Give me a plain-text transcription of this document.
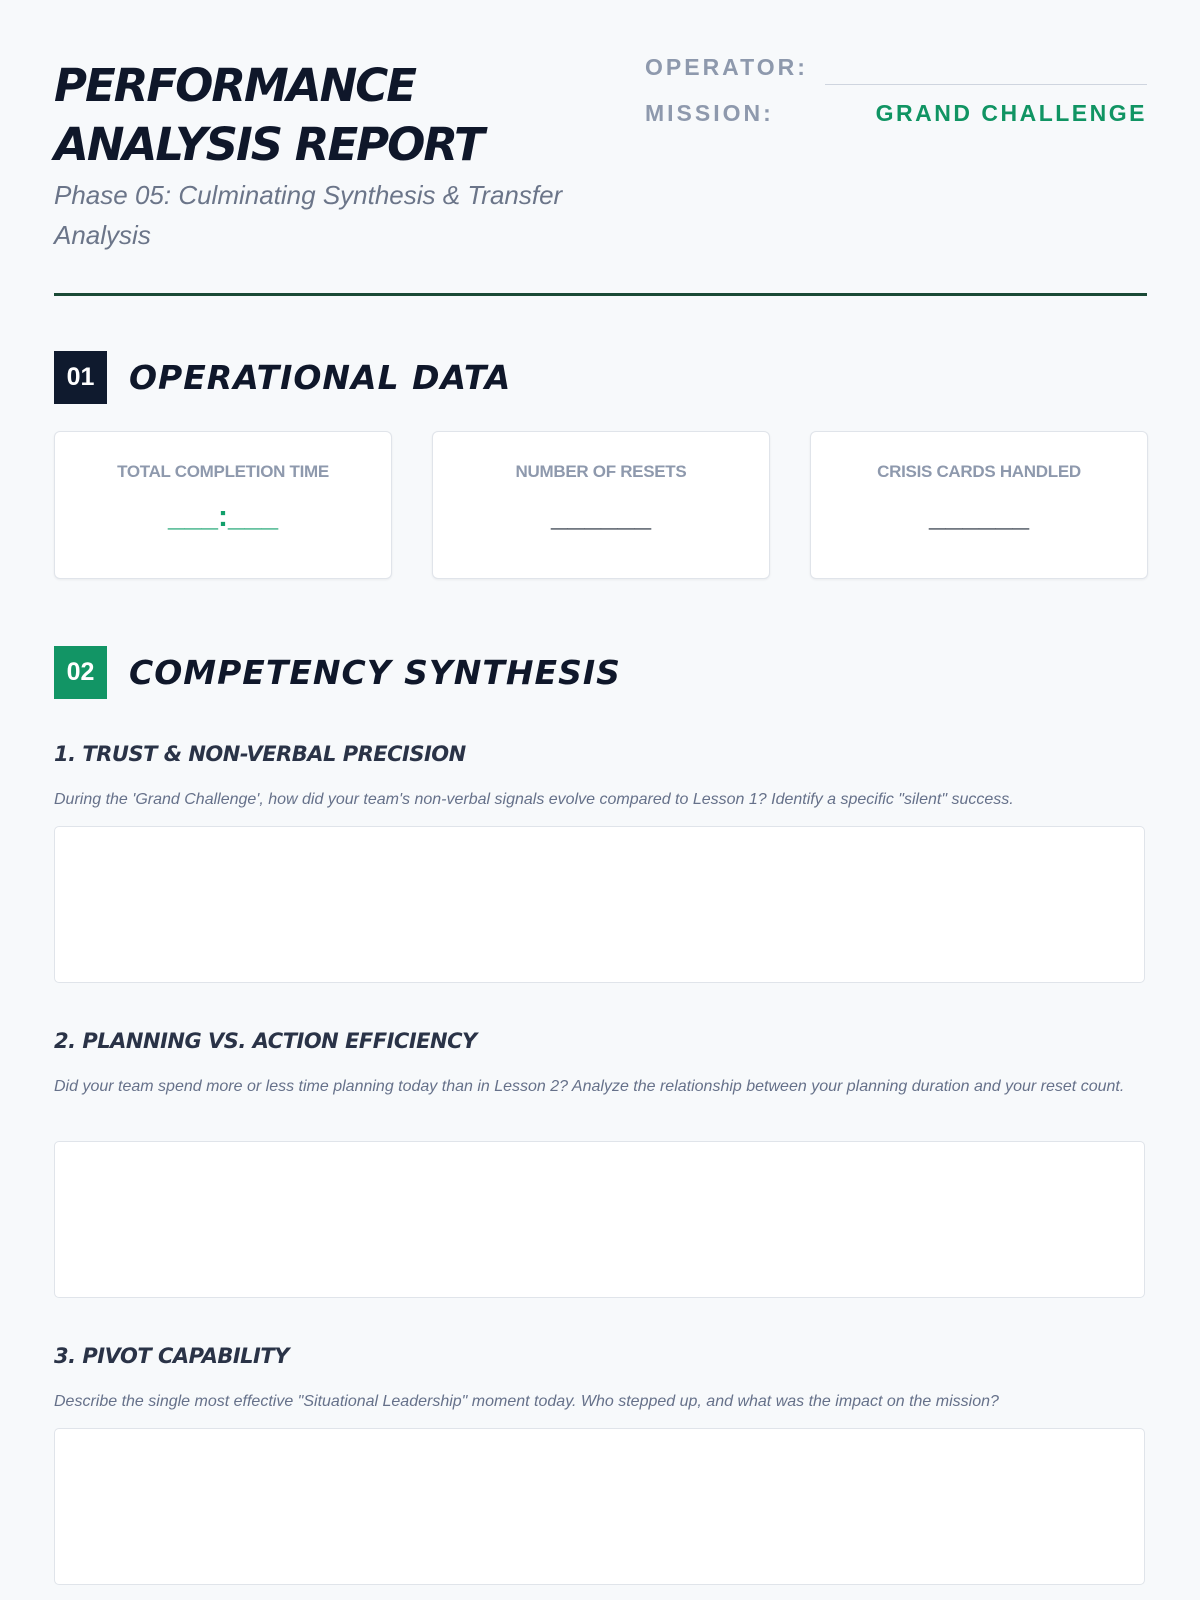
PERFORMANCE
ANALYSIS REPORT

Phase 05: Culminating Synthesis & Transfer Analysis

OPERATOR:
MISSION:	GRAND CHALLENGE
01	OPERATIONAL DATA
TOTAL COMPLETION TIME
___:___
NUMBER OF RESETS
______
CRISIS CARDS HANDLED
______
02	COMPETENCY SYNTHESIS
1. TRUST & NON-VERBAL PRECISION

During the 'Grand Challenge', how did your team's non-verbal signals evolve compared to Lesson 1? Identify a specific "silent" success.

2. PLANNING VS. ACTION EFFICIENCY

Did your team spend more or less time planning today than in Lesson 2? Analyze the relationship between your planning duration and your reset count.

3. PIVOT CAPABILITY

Describe the single most effective "Situational Leadership" moment today. Who stepped up, and what was the impact on the mission?
